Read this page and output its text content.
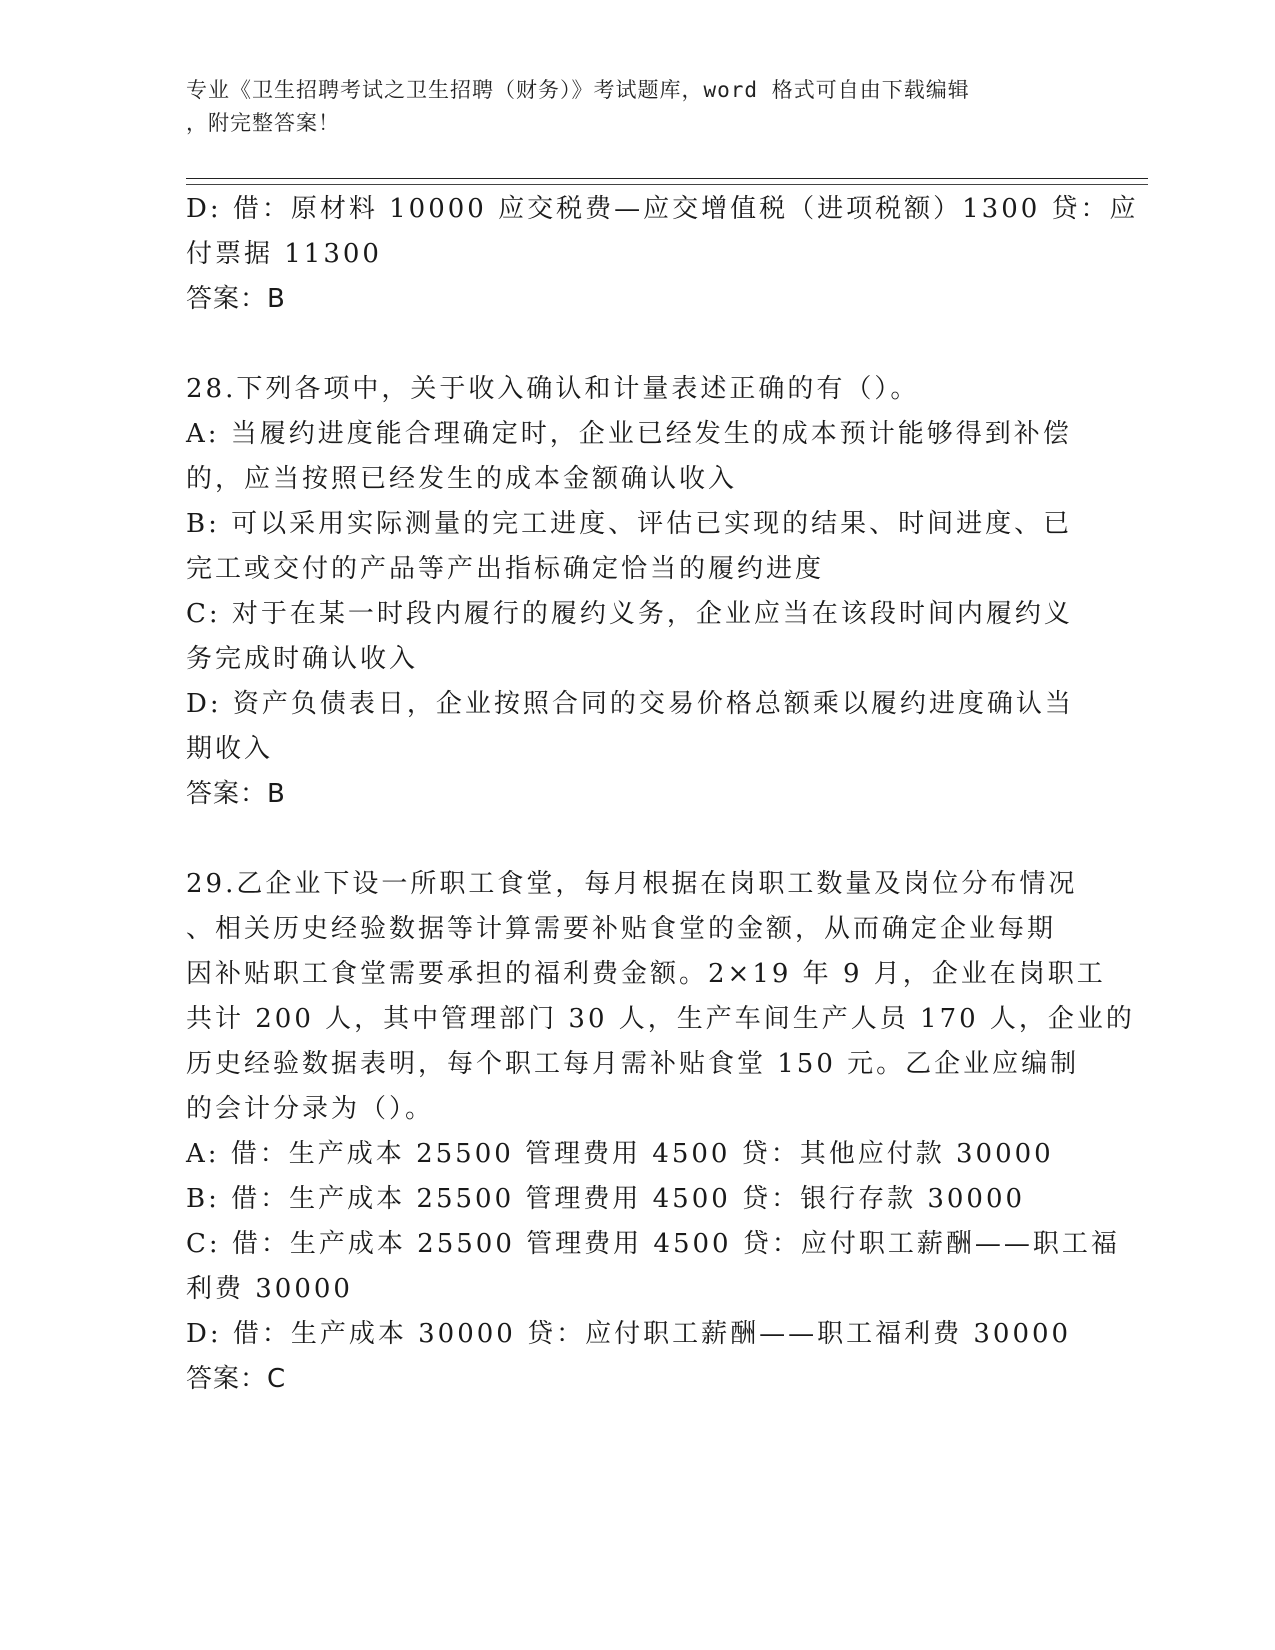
专业《卫生招聘考试之卫生招聘（财务）》考试题库，word 格式可自由下载编辑
，附完整答案！
D: 借：原材料 10000 应交税费—应交增值税（进项税额）1300 贷：应
付票据 11300
答案：B
28.下列各项中，关于收入确认和计量表述正确的有（）。
A: 当履约进度能合理确定时，企业已经发生的成本预计能够得到补偿
的，应当按照已经发生的成本金额确认收入
B: 可以采用实际测量的完工进度、评估已实现的结果、时间进度、已
完工或交付的产品等产出指标确定恰当的履约进度
C: 对于在某一时段内履行的履约义务，企业应当在该段时间内履约义
务完成时确认收入
D: 资产负债表日，企业按照合同的交易价格总额乘以履约进度确认当
期收入
答案：B
29.乙企业下设一所职工食堂，每月根据在岗职工数量及岗位分布情况
、相关历史经验数据等计算需要补贴食堂的金额，从而确定企业每期
因补贴职工食堂需要承担的福利费金额。2×19 年 9 月，企业在岗职工
共计 200 人，其中管理部门 30 人，生产车间生产人员 170 人，企业的
历史经验数据表明，每个职工每月需补贴食堂 150 元。乙企业应编制
的会计分录为（）。
A: 借：生产成本 25500 管理费用 4500 贷：其他应付款 30000
B: 借：生产成本 25500 管理费用 4500 贷：银行存款 30000
C: 借：生产成本 25500 管理费用 4500 贷：应付职工薪酬——职工福
利费 30000
D: 借：生产成本 30000 贷：应付职工薪酬——职工福利费 30000
答案：C
